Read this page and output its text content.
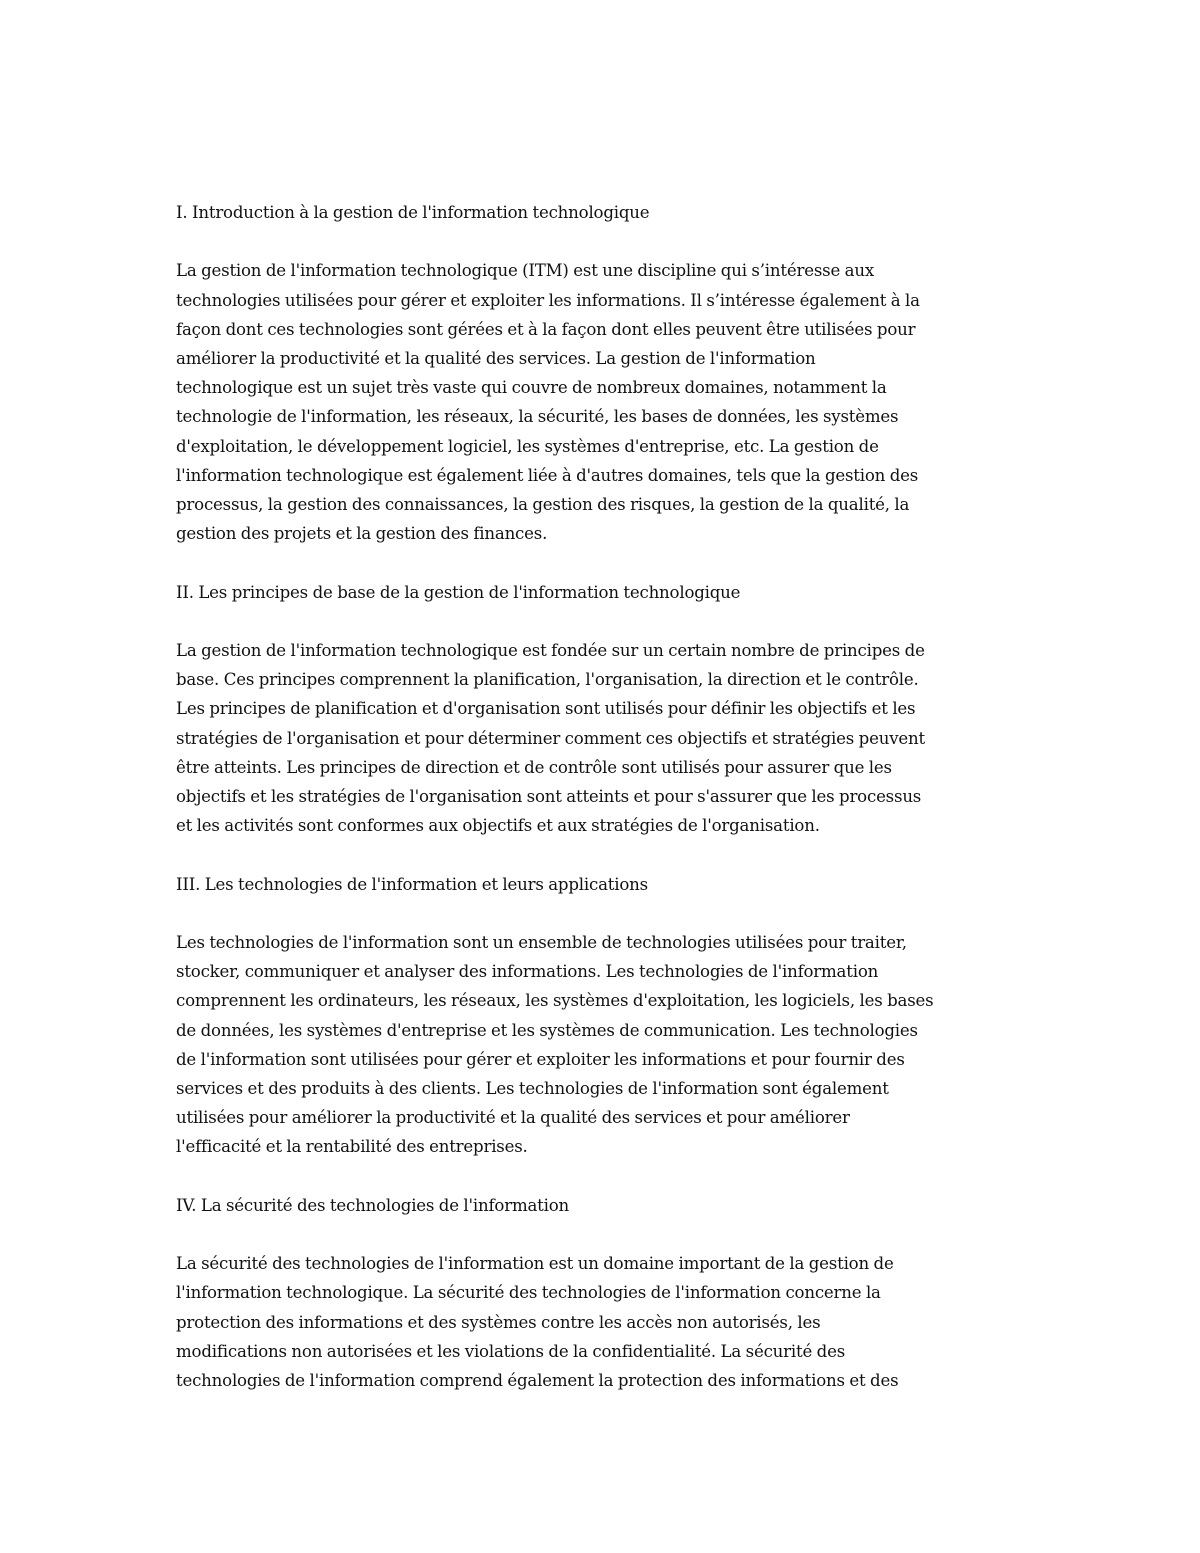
I. Introduction à la gestion de l'information technologique
La gestion de l'information technologique (ITM) est une discipline qui s’intéresse aux
technologies utilisées pour gérer et exploiter les informations. Il s’intéresse également à la
façon dont ces technologies sont gérées et à la façon dont elles peuvent être utilisées pour
améliorer la productivité et la qualité des services. La gestion de l'information
technologique est un sujet très vaste qui couvre de nombreux domaines, notamment la
technologie de l'information, les réseaux, la sécurité, les bases de données, les systèmes
d'exploitation, le développement logiciel, les systèmes d'entreprise, etc. La gestion de
l'information technologique est également liée à d'autres domaines, tels que la gestion des
processus, la gestion des connaissances, la gestion des risques, la gestion de la qualité, la
gestion des projets et la gestion des finances.
II. Les principes de base de la gestion de l'information technologique
La gestion de l'information technologique est fondée sur un certain nombre de principes de
base. Ces principes comprennent la planification, l'organisation, la direction et le contrôle.
Les principes de planification et d'organisation sont utilisés pour définir les objectifs et les
stratégies de l'organisation et pour déterminer comment ces objectifs et stratégies peuvent
être atteints. Les principes de direction et de contrôle sont utilisés pour assurer que les
objectifs et les stratégies de l'organisation sont atteints et pour s'assurer que les processus
et les activités sont conformes aux objectifs et aux stratégies de l'organisation.
III. Les technologies de l'information et leurs applications
Les technologies de l'information sont un ensemble de technologies utilisées pour traiter,
stocker, communiquer et analyser des informations. Les technologies de l'information
comprennent les ordinateurs, les réseaux, les systèmes d'exploitation, les logiciels, les bases
de données, les systèmes d'entreprise et les systèmes de communication. Les technologies
de l'information sont utilisées pour gérer et exploiter les informations et pour fournir des
services et des produits à des clients. Les technologies de l'information sont également
utilisées pour améliorer la productivité et la qualité des services et pour améliorer
l'efficacité et la rentabilité des entreprises.
IV. La sécurité des technologies de l'information
La sécurité des technologies de l'information est un domaine important de la gestion de
l'information technologique. La sécurité des technologies de l'information concerne la
protection des informations et des systèmes contre les accès non autorisés, les
modifications non autorisées et les violations de la confidentialité. La sécurité des
technologies de l'information comprend également la protection des informations et des
